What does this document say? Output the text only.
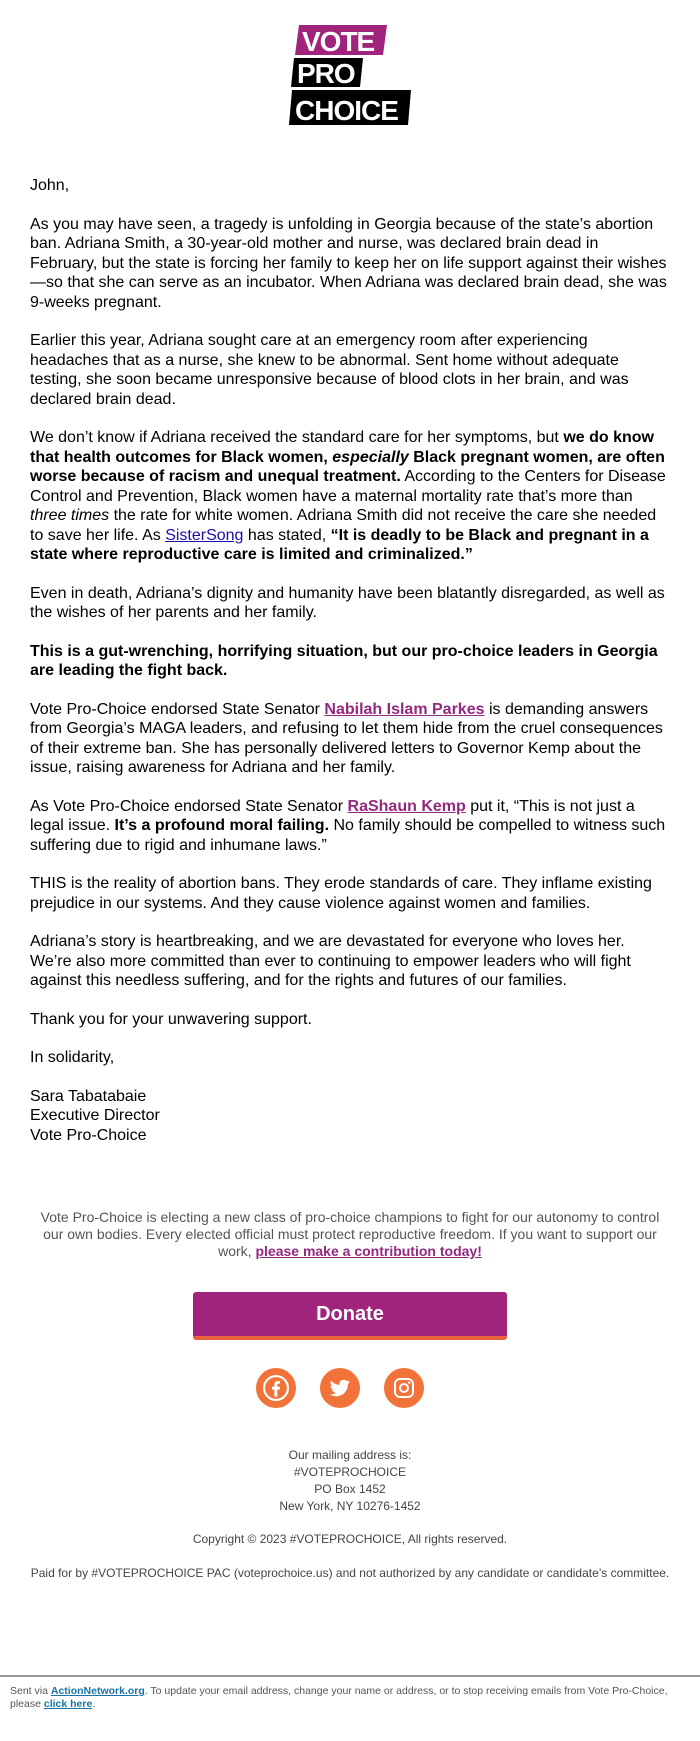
VOTE
PRO
CHOICE

John,

As you may have seen, a tragedy is unfolding in Georgia because of the state’s abortion ban. Adriana Smith, a 30-year-old mother and nurse, was declared brain dead in February, but the state is forcing her family to keep her on life support against their wishes—so that she can serve as an incubator. When Adriana was declared brain dead, she was 9-weeks pregnant.

Earlier this year, Adriana sought care at an emergency room after experiencing headaches that as a nurse, she knew to be abnormal. Sent home without adequate testing, she soon became unresponsive because of blood clots in her brain, and was declared brain dead.

We don’t know if Adriana received the standard care for her symptoms, but we do know that health outcomes for Black women, especially Black pregnant women, are often worse because of racism and unequal treatment. According to the Centers for Disease Control and Prevention, Black women have a maternal mortality rate that’s more than three times the rate for white women. Adriana Smith did not receive the care she needed to save her life. As SisterSong has stated, “It is deadly to be Black and pregnant in a state where reproductive care is limited and criminalized.”

Even in death, Adriana’s dignity and humanity have been blatantly disregarded, as well as the wishes of her parents and her family.

This is a gut-wrenching, horrifying situation, but our pro-choice leaders in Georgia are leading the fight back.

Vote Pro-Choice endorsed State Senator Nabilah Islam Parkes is demanding answers from Georgia’s MAGA leaders, and refusing to let them hide from the cruel consequences of their extreme ban. She has personally delivered letters to Governor Kemp about the issue, raising awareness for Adriana and her family.

As Vote Pro-Choice endorsed State Senator RaShaun Kemp put it, “This is not just a legal issue. It’s a profound moral failing. No family should be compelled to witness such suffering due to rigid and inhumane laws.”

THIS is the reality of abortion bans. They erode standards of care. They inflame existing prejudice in our systems. And they cause violence against women and families.

Adriana’s story is heartbreaking, and we are devastated for everyone who loves her. We’re also more committed than ever to continuing to empower leaders who will fight against this needless suffering, and for the rights and futures of our families.

Thank you for your unwavering support.

In solidarity,

Sara Tabatabaie
Executive Director
Vote Pro-Choice
Vote Pro-Choice is electing a new class of pro-choice champions to fight for our autonomy to control our own bodies. Every elected official must protect reproductive freedom. If you want to support our work, please make a contribution today!
Donate
Our mailing address is:
#VOTEPROCHOICE
PO Box 1452
New York, NY 10276-1452
Copyright © 2023 #VOTEPROCHOICE, All rights reserved.
Paid for by #VOTEPROCHOICE PAC (voteprochoice.us) and not authorized by any candidate or candidate’s committee.
Sent via ActionNetwork.org. To update your email address, change your name or address, or to stop receiving emails from Vote Pro-Choice, please click here.
